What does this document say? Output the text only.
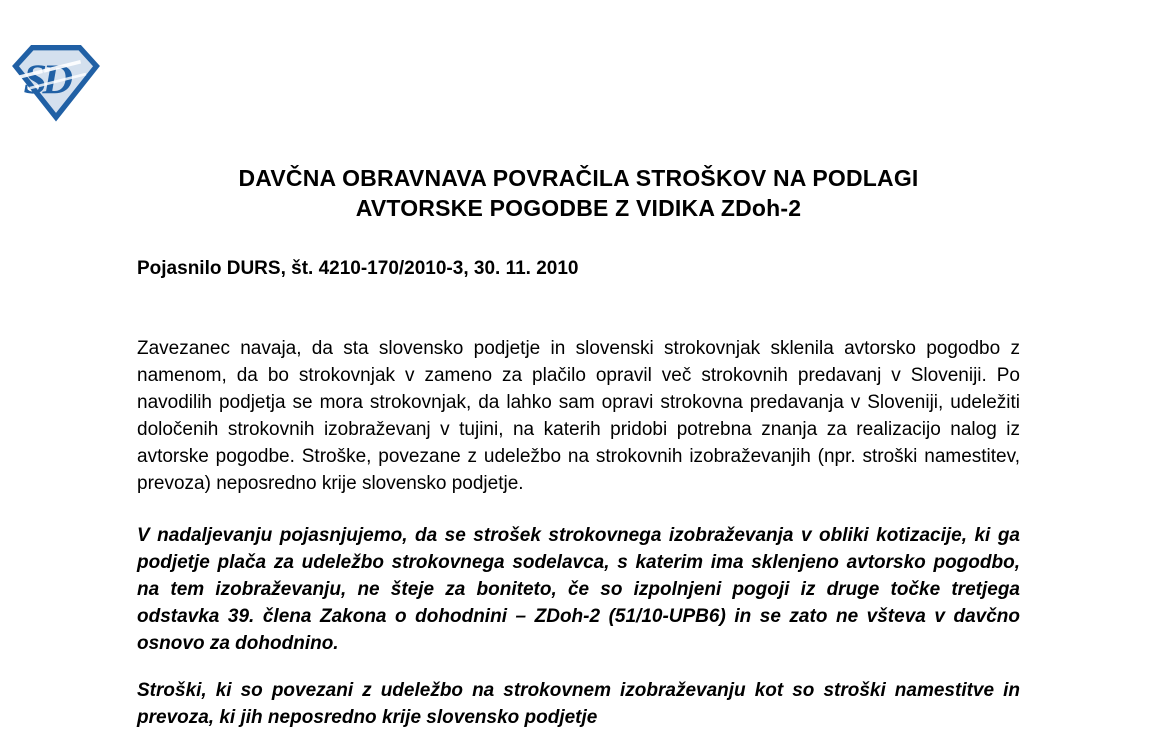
SD
DAVČNA OBRAVNAVA POVRAČILA STROŠKOV NA PODLAGI
AVTORSKE POGODBE Z VIDIKA ZDoh-2
Pojasnilo DURS, št. 4210-170/2010-3, 30. 11. 2010

Zavezanec navaja, da sta slovensko podjetje in slovenski strokovnjak sklenila avtorsko pogodbo z namenom, da bo strokovnjak v zameno za plačilo opravil več strokovnih predavanj v Sloveniji. Po navodilih podjetja se mora strokovnjak, da lahko sam opravi strokovna predavanja v Sloveniji, udeležiti določenih strokovnih izobraževanj v tujini, na katerih pridobi potrebna znanja za realizacijo nalog iz avtorske pogodbe. Stroške, povezane z udeležbo na strokovnih izobraževanjih (npr. stroški namestitev, prevoza) neposredno krije slovensko podjetje.

V nadaljevanju pojasnjujemo, da se strošek strokovnega izobraževanja v obliki kotizacije, ki ga podjetje plača za udeležbo strokovnega sodelavca, s katerim ima sklenjeno avtorsko pogodbo, na tem izobraževanju, ne šteje za boniteto, če so izpolnjeni pogoji iz druge točke tretjega odstavka 39. člena Zakona o dohodnini – ZDoh-2 (51/10-UPB6) in se zato ne všteva v davčno osnovo za dohodnino.

Stroški, ki so povezani z udeležbo na strokovnem izobraževanju kot so stroški namestitve in prevoza, ki jih neposredno krije slovensko podjetje
